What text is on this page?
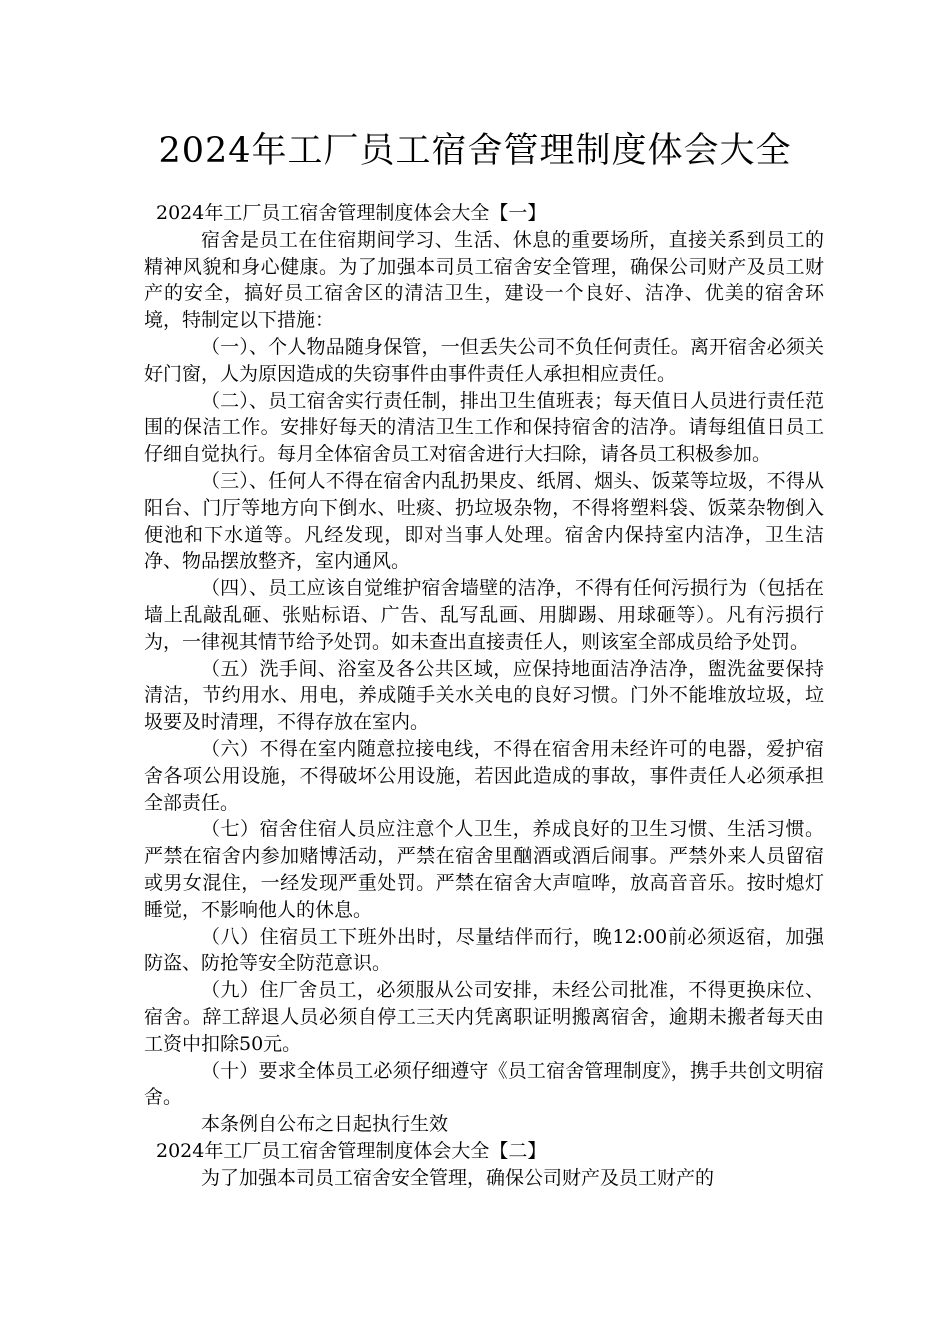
2024年工厂员工宿舍管理制度体会大全

2024年工厂员工宿舍管理制度体会大全【一】

宿舍是员工在住宿期间学习、生活、休息的重要场所，直接关系到员工的精神风貌和身心健康。为了加强本司员工宿舍安全管理，确保公司财产及员工财产的安全，搞好员工宿舍区的清洁卫生，建设一个良好、洁净、优美的宿舍环境，特制定以下措施：

（一）、个人物品随身保管，一但丢失公司不负任何责任。离开宿舍必须关好门窗，人为原因造成的失窃事件由事件责任人承担相应责任。

（二）、员工宿舍实行责任制，排出卫生值班表；每天值日人员进行责任范围的保洁工作。安排好每天的清洁卫生工作和保持宿舍的洁净。请每组值日员工仔细自觉执行。每月全体宿舍员工对宿舍进行大扫除，请各员工积极参加。

（三）、任何人不得在宿舍内乱扔果皮、纸屑、烟头、饭菜等垃圾，不得从阳台、门厅等地方向下倒水、吐痰、扔垃圾杂物，不得将塑料袋、饭菜杂物倒入便池和下水道等。凡经发现，即对当事人处理。宿舍内保持室内洁净，卫生洁净、物品摆放整齐，室内通风。

（四）、员工应该自觉维护宿舍墙壁的洁净，不得有任何污损行为（包括在墙上乱敲乱砸、张贴标语、广告、乱写乱画、用脚踢、用球砸等）。凡有污损行为，一律视其情节给予处罚。如未查出直接责任人，则该室全部成员给予处罚。

（五）洗手间、浴室及各公共区域，应保持地面洁净洁净，盥洗盆要保持清洁，节约用水、用电，养成随手关水关电的良好习惯。门外不能堆放垃圾，垃圾要及时清理，不得存放在室内。

（六）不得在室内随意拉接电线，不得在宿舍用未经许可的电器，爱护宿舍各项公用设施，不得破坏公用设施，若因此造成的事故，事件责任人必须承担全部责任。

（七）宿舍住宿人员应注意个人卫生，养成良好的卫生习惯、生活习惯。严禁在宿舍内参加赌博活动，严禁在宿舍里酗酒或酒后闹事。严禁外来人员留宿或男女混住，一经发现严重处罚。严禁在宿舍大声喧哗，放高音音乐。按时熄灯睡觉，不影响他人的休息。

（八）住宿员工下班外出时，尽量结伴而行，晚12:00前必须返宿，加强防盗、防抢等安全防范意识。

（九）住厂舍员工，必须服从公司安排，未经公司批准，不得更换床位、宿舍。辞工辞退人员必须自停工三天内凭离职证明搬离宿舍，逾期未搬者每天由工资中扣除50元。

（十）要求全体员工必须仔细遵守《员工宿舍管理制度》，携手共创文明宿舍。

本条例自公布之日起执行生效

2024年工厂员工宿舍管理制度体会大全【二】

为了加强本司员工宿舍安全管理，确保公司财产及员工财产的
